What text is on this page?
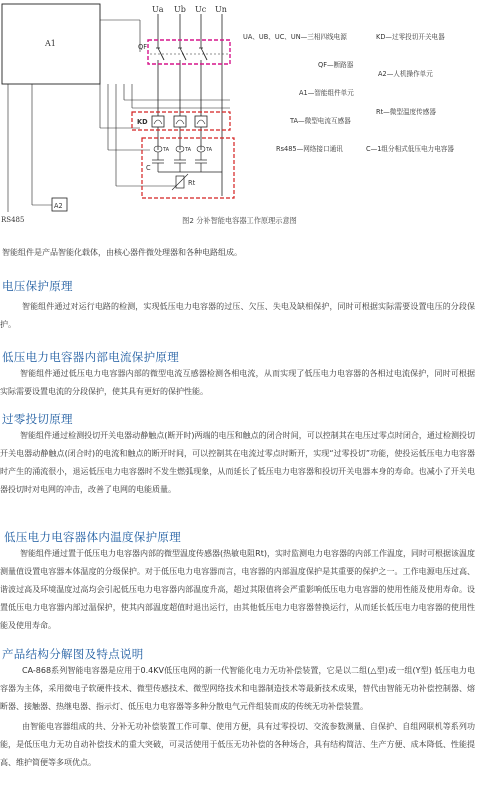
Ua Ub Uc Un
QF
A1
KD
C
TA	TA	TA
Rt
A2
RS485
UA、UB、UC、UN—三相四线电源	KD—过零投切开关电器
QF—断路器
A2—人机操作单元
A1—智能组件单元
Rt—微型温度传感器
TA—微型电流互感器
Rs485—网络接口通讯	C—1组分相式低压电力电容器
图2 分补智能电容器工作原理示意图
智能组件是产品智能化载体，由核心器件微处理器和各种电路组成。
电压保护原理

智能组件通过对运行电路的检测，实现低压电力电容器的过压、欠压、失电及缺相保护，同时可根据实际需要设置电压的分段保护。

低压电力电容器内部电流保护原理

智能组件通过低压电力电容器内部的微型电流互感器检测各相电流，从而实现了低压电力电容器的各相过电流保护，同时可根据实际需要设置电流的分段保护，使其具有更好的保护性能。

过零投切原理

智能组件通过检测投切开关电器动静触点(断开时)两端的电压和触点的闭合时间，可以控制其在电压过零点时闭合，通过检测投切开关电器动静触点(闭合时)的电流和触点的断开时间，可以控制其在电流过零点时断开，实现“过零投切”功能，使投运低压电力电容器时产生的涌流很小，退运低压电力电容器时不发生燃弧现象，从而延长了低压电力电容器和投切开关电器本身的寿命。也减小了开关电器投切时对电网的冲击，改善了电网的电能质量。

低压电力电容器体内温度保护原理

智能组件通过置于低压电力电容器内部的微型温度传感器(热敏电阻Rt)，实时监测电力电容器的内部工作温度，同时可根据该温度测量值设置电容器本体温度的分级保护。对于低压电力电容器而言，电容器的内部温度保护是其重要的保护之一。工作电源电压过高、谐波过高及环境温度过高均会引起低压电力电容器内部温度升高，超过其限值将会严重影响低压电力电容器的使用性能及使用寿命。设置低压电力电容器内部过温保护，使其内部温度超值时退出运行，由其他低压电力电容器替换运行，从而延长低压电力电容器的使用性能及使用寿命。

产品结构分解图及特点说明

CA-868系列智能电容器是应用于0.4KV低压电网的新一代智能化电力无功补偿装置，它是以二组(△型)或一组(Y型) 低压电力电容器为主体，采用微电子软硬件技术、微型传感技术、微型网络技术和电器制造技术等最新技术成果，替代由智能无功补偿控制器、熔断器、接触器、热继电器、指示灯、低压电力电容器等多种分散电气元件组装而成的传统无功补偿装置。

由智能电容器组成的共、分补无功补偿装置工作可靠、使用方便，具有过零投切、交流参数测量、自保护、自组网联机等系列功能，是低压电力无功自动补偿技术的重大突破，可灵活使用于低压无功补偿的各种场合，具有结构简洁、生产方便、成本降低、性能提高、维护简便等多项优点。
